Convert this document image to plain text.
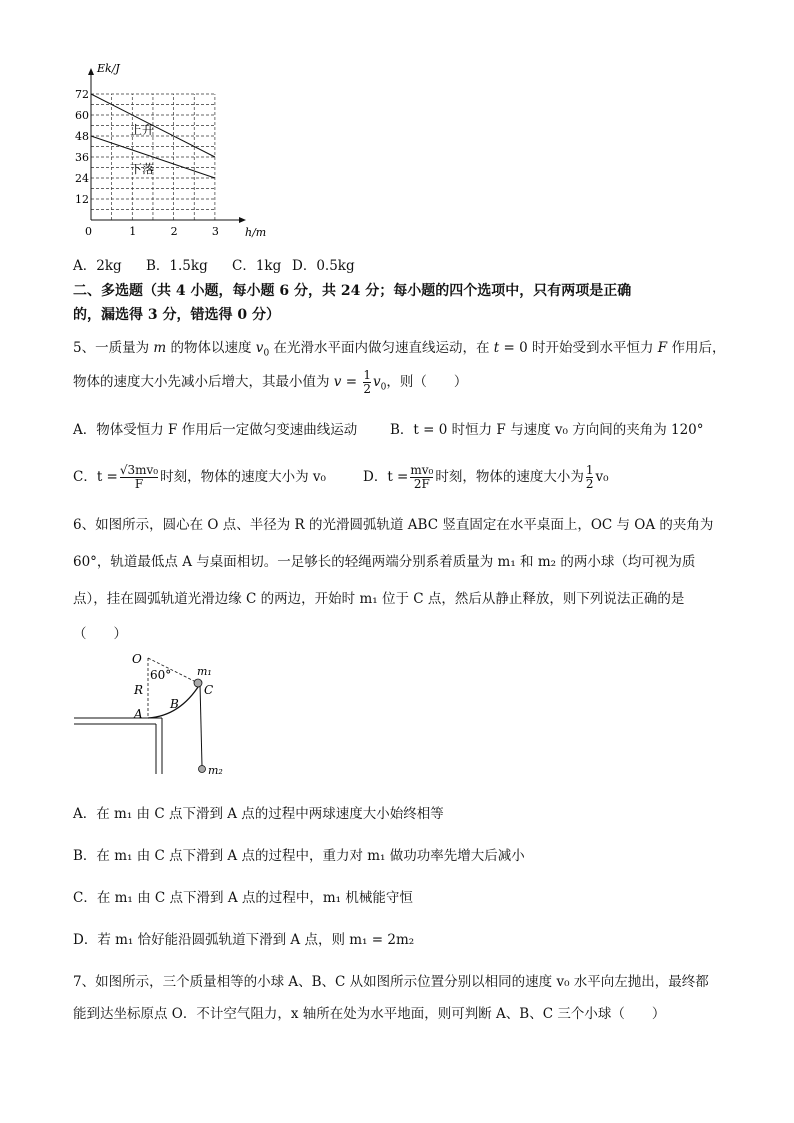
72
60
48
36
24
12
1	2	3
Ek/J
h/m
0
上升
下落
A．2kg B．1.5kg C．1kg D．0.5kg
二、多选题（共 4 小题，每小题 6 分，共 24 分；每小题的四个选项中，只有两项是正确
的，漏选得 3 分，错选得 0 分）
5、一质量为 m 的物体以速度 $v_0$ 在光滑水平面内做匀速直线运动，在 t = 0 时开始受到水平恒力 F 作用后，
物体的速度大小先减小后增大，其最小值为 $v = \frac{1}{2} v_0$，则（　　）
A．物体受恒力 F 作用后一定做匀变速曲线运动 B．t = 0 时恒力 F 与速度 v₀ 方向间的夹角为 120°
C．$t = \frac{\text{√3mv₀}}{F}$ 时刻，物体的速度大小为 v₀	D．$t = \frac{\text{mv₀}}{2F}$ 时刻，物体的速度大小为 $\frac{1}{2} v_0$
6、如图所示，圆心在 O 点、半径为 R 的光滑圆弧轨道 ABC 竖直固定在水平桌面上，OC 与 OA 的夹角为
60°，轨道最低点 A 与桌面相切。一足够长的轻绳两端分别系着质量为 m₁ 和 m₂ 的两小球（均可视为质
点），挂在圆弧轨道光滑边缘 C 的两边，开始时 m₁ 位于 C 点，然后从静止释放，则下列说法正确的是
（　　）
O
60° m₁
C
R
B
A
m₂
A．在 m₁ 由 C 点下滑到 A 点的过程中两球速度大小始终相等
B．在 m₁ 由 C 点下滑到 A 点的过程中，重力对 m₁ 做功功率先增大后减小
C．在 m₁ 由 C 点下滑到 A 点的过程中，m₁ 机械能守恒
D．若 m₁ 恰好能沿圆弧轨道下滑到 A 点，则 m₁ = 2m₂
7、如图所示，三个质量相等的小球 A、B、C 从如图所示位置分别以相同的速度 v₀ 水平向左抛出，最终都
能到达坐标原点 O．不计空气阻力，x 轴所在处为水平地面，则可判断 A、B、C 三个小球（　　）
